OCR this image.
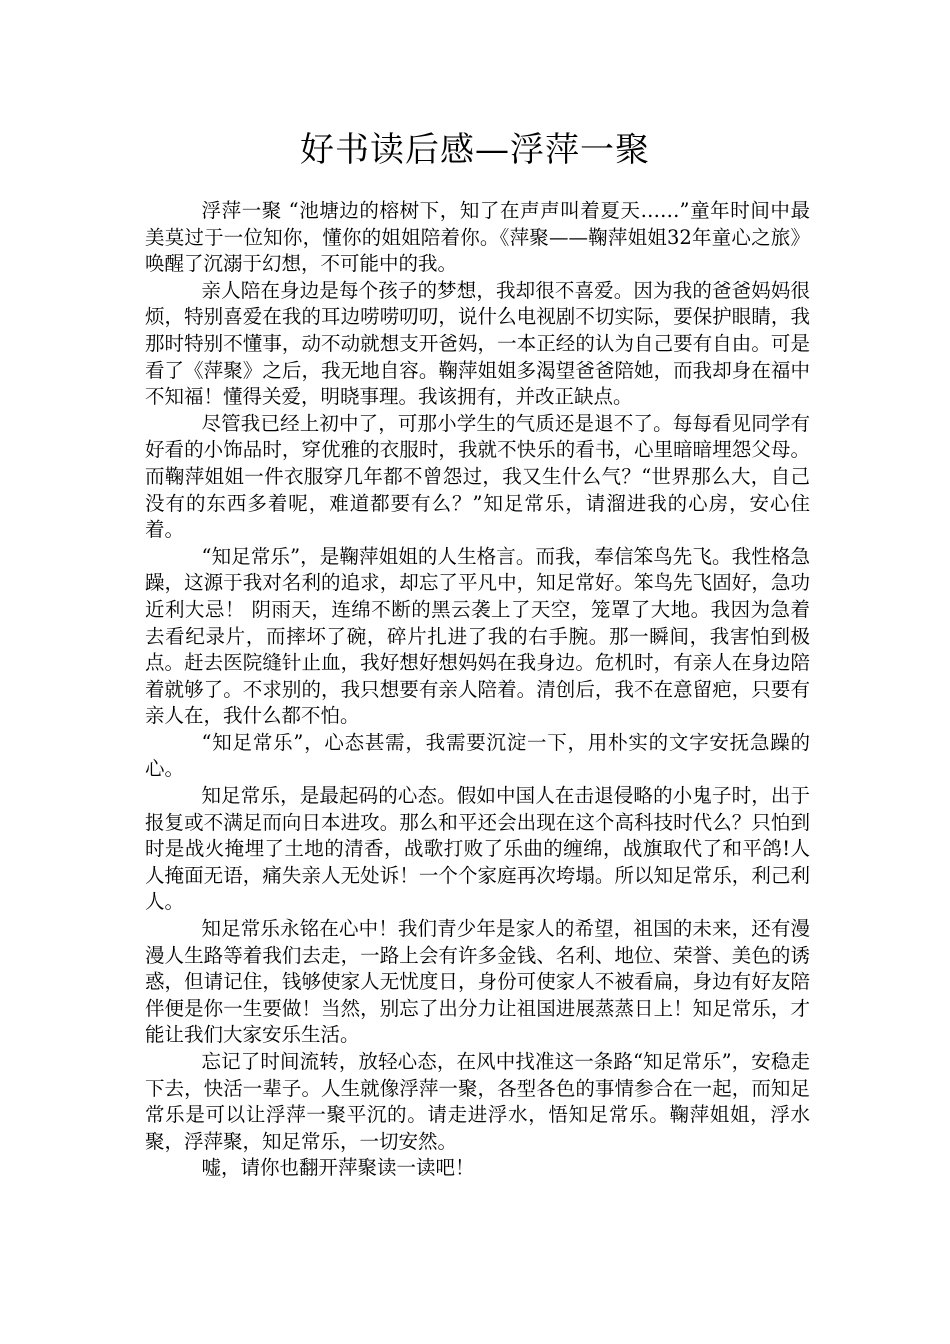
好书读后感—浮萍一聚

浮萍一聚 “池塘边的榕树下，知了在声声叫着夏天……”童年时间中最美莫过于一位知你，懂你的姐姐陪着你。《萍聚——鞠萍姐姐32年童心之旅》唤醒了沉溺于幻想，不可能中的我。

亲人陪在身边是每个孩子的梦想，我却很不喜爱。因为我的爸爸妈妈很烦，特别喜爱在我的耳边唠唠叨叨，说什么电视剧不切实际，要保护眼睛，我那时特别不懂事，动不动就想支开爸妈，一本正经的认为自己要有自由。可是看了《萍聚》之后，我无地自容。鞠萍姐姐多渴望爸爸陪她，而我却身在福中不知福！懂得关爱，明晓事理。我该拥有，并改正缺点。

尽管我已经上初中了，可那小学生的气质还是退不了。每每看见同学有好看的小饰品时，穿优雅的衣服时，我就不快乐的看书，心里暗暗埋怨父母。而鞠萍姐姐一件衣服穿几年都不曾怨过，我又生什么气？“世界那么大，自己没有的东西多着呢，难道都要有么？”知足常乐，请溜进我的心房，安心住着。

“知足常乐”，是鞠萍姐姐的人生格言。而我，奉信笨鸟先飞。我性格急躁，这源于我对名利的追求，却忘了平凡中，知足常好。笨鸟先飞固好，急功近利大忌！ 阴雨天，连绵不断的黑云袭上了天空，笼罩了大地。我因为急着去看纪录片，而摔坏了碗，碎片扎进了我的右手腕。那一瞬间，我害怕到极点。赶去医院缝针止血，我好想好想妈妈在我身边。危机时，有亲人在身边陪着就够了。不求别的，我只想要有亲人陪着。清创后，我不在意留疤，只要有亲人在，我什么都不怕。

“知足常乐”，心态甚需，我需要沉淀一下，用朴实的文字安抚急躁的心。

知足常乐，是最起码的心态。假如中国人在击退侵略的小鬼子时，出于报复或不满足而向日本进攻。那么和平还会出现在这个高科技时代么？只怕到时是战火掩埋了土地的清香，战歌打败了乐曲的缠绵，战旗取代了和平鸽!人人掩面无语，痛失亲人无处诉！一个个家庭再次垮塌。所以知足常乐，利己利人。

知足常乐永铭在心中！我们青少年是家人的希望，祖国的未来，还有漫漫人生路等着我们去走，一路上会有许多金钱、名利、地位、荣誉、美色的诱惑，但请记住，钱够使家人无忧度日，身份可使家人不被看扁，身边有好友陪伴便是你一生要做！当然，别忘了出分力让祖国进展蒸蒸日上！知足常乐，才能让我们大家安乐生活。

忘记了时间流转，放轻心态，在风中找准这一条路“知足常乐”，安稳走下去，快活一辈子。人生就像浮萍一聚，各型各色的事情参合在一起，而知足常乐是可以让浮萍一聚平沉的。请走进浮水，悟知足常乐。鞠萍姐姐，浮水聚，浮萍聚，知足常乐，一切安然。

嘘，请你也翻开萍聚读一读吧！
